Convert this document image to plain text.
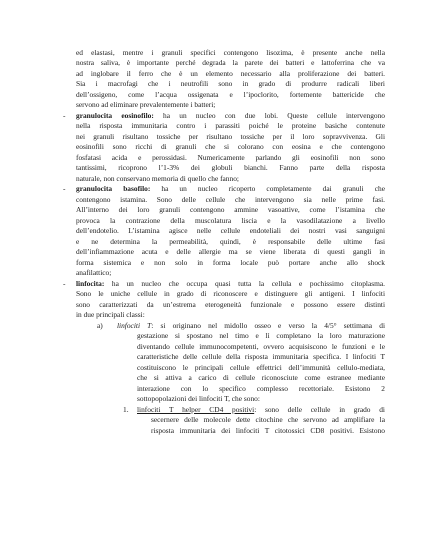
ed elastasi, mentre i granuli specifici contengono lisozima, è presente anche nella
nostra saliva, è importante perché degrada la parete dei batteri e lattoferrina che va
ad inglobare il ferro che è un elemento necessario alla proliferazione dei batteri.
Sia i macrofagi che i neutrofili sono in grado di produrre radicali liberi
dell’ossigeno, come l’acqua ossigenata e l’ipoclorito, fortemente battericide che
servono ad eliminare prevalentemente i batteri;
- granulocita eosinofilo: ha un nucleo con due lobi. Queste cellule intervengono
nella risposta immunitaria contro i parassiti poiché le proteine basiche contenute
nei granuli risultano tossiche per risultano tossiche per il loro sopravvivenza. Gli
eosinofili sono ricchi di granuli che si colorano con eosina e che contengono
fosfatasi acida e perossidasi. Numericamente parlando gli eosinofili non sono
tantissimi, ricoprono l’1-3% dei globuli bianchi. Fanno parte della risposta
naturale, non conservano memoria di quello che fanno;
- granulocita basofilo: ha un nucleo ricoperto completamente dai granuli che
contengono istamina. Sono delle cellule che intervengono sia nelle prime fasi.
All’interno dei loro granuli contengono ammine vasoattive, come l’istamina che
provoca la contrazione della muscolatura liscia e la vasodilatazione a livello
dell’endotelio. L’istamina agisce nelle cellule endoteliali dei nostri vasi sanguigni
e ne determina la permeabilità, quindi, è responsabile delle ultime fasi
dell’infiammazione acuta e delle allergie ma se viene liberata di questi gangli in
forma sistemica e non solo in forma locale può portare anche allo shock
anafilattico;
- linfocita: ha un nucleo che occupa quasi tutta la cellula e pochissimo citoplasma.
Sono le uniche cellule in grado di riconoscere e distinguere gli antigeni. I linfociti
sono caratterizzati da un’estrema eterogeneità funzionale e possono essere distinti
in due principali classi:
a) linfociti T: si originano nel midollo osseo e verso la 4/5° settimana di
gestazione si spostano nel timo e lì completano la loro maturazione
diventando cellule immunocompetenti, ovvero acquisiscono le funzioni e le
caratteristiche delle cellule della risposta immunitaria specifica. I linfociti T
costituiscono le principali cellule effettrici dell’immunità cellulo-mediata,
che si attiva a carico di cellule riconosciute come estranee mediante
interazione con lo specifico complesso recettoriale. Esistono 2
sottopopolazioni dei linfociti T, che sono:
1. linfociti T helper CD4 positivi: sono delle cellule in grado di
secernere delle molecole dette citochine che servono ad amplifiare la
risposta immunitaria dei linfociti T citotossici CD8 positivi. Esistono
